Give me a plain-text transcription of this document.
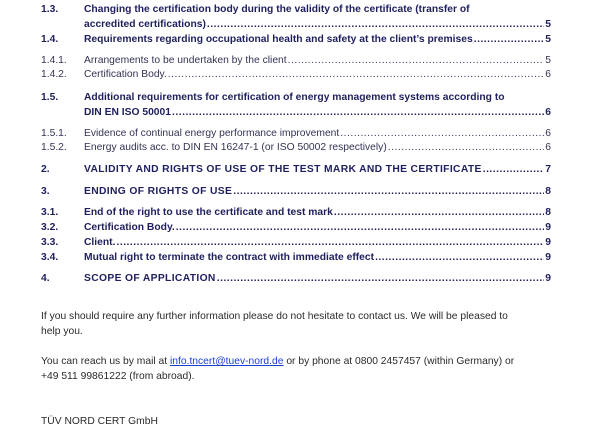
1.3.	Changing the certification body during the validity of the certificate (transfer of
accredited certifications) .....	5
1.4.	Requirements regarding occupational health and safety at the client’s premises .....	5
1.4.1. Arrangements to be undertaken by the client .....	5
1.4.2. Certification Body. .....	6
1.5.	Additional requirements for certification of energy management systems according to
DIN EN ISO 50001 .....	6
1.5.1. Evidence of continual energy performance improvement .....	6
1.5.2. Energy audits acc. to DIN EN 16247-1 (or ISO 50002 respectively) .....	6
2.	VALIDITY AND RIGHTS OF USE OF THE TEST MARK AND THE CERTIFICATE .....	7
3.	ENDING OF RIGHTS OF USE .....	8
3.1.	End of the right to use the certificate and test mark .....	8
3.2.	Certification Body. .....	9
3.3.	Client. .....	9
3.4.	Mutual right to terminate the contract with immediate effect .....	9
4.	SCOPE OF APPLICATION .....	9
If you should require any further information please do not hesitate to contact us. We will be pleased to
help you.
You can reach us by mail at info.tncert@tuev-nord.de or by phone at 0800 2457457 (within Germany) or
+49 511 99861222 (from abroad).
TÜV NORD CERT GmbH
